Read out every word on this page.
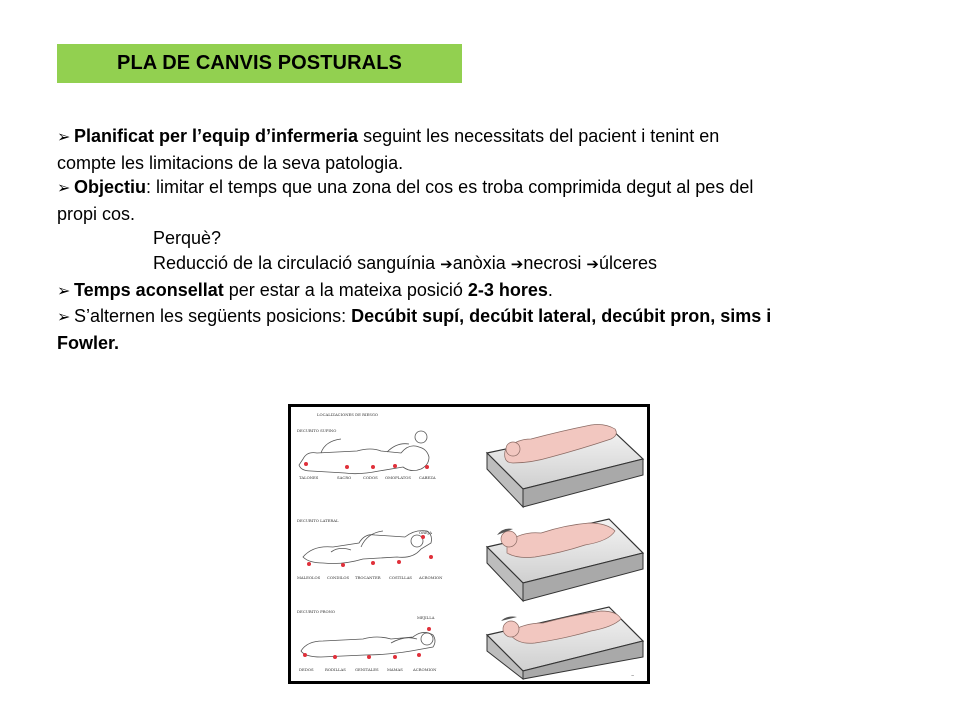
PLA DE CANVIS POSTURALS
➢ Planificat per l’equip d’infermeria seguint les necessitats del pacient i tenint en
compte les limitacions de la seva patologia.
➢ Objectiu: limitar el temps que una zona del cos es troba comprimida degut al pes del
propi cos.
Perquè?
Reducció de la circulació sanguínia ➔anòxia ➔necrosi ➔úlceres
➢ Temps aconsellat per estar a la mateixa posició 2-3 hores.
➢ S’alternen les següents posicions: Decúbit supí, decúbit lateral, decúbit pron, sims i
Fowler.
LOCALIZACIONES DE RIESGO
DECUBITO SUPINO
TALONES	SACRO	CODOS OMOPLATOS CABEZA
DECUBITO LATERAL
OREJA
MALEOLOS CONDILOS TROCANTER COSTILLAS ACROMION
DECUBITO PRONO
MEJILLA
DEDOS	RODILLAS GENITALES MAMAS	ACROMION
~
